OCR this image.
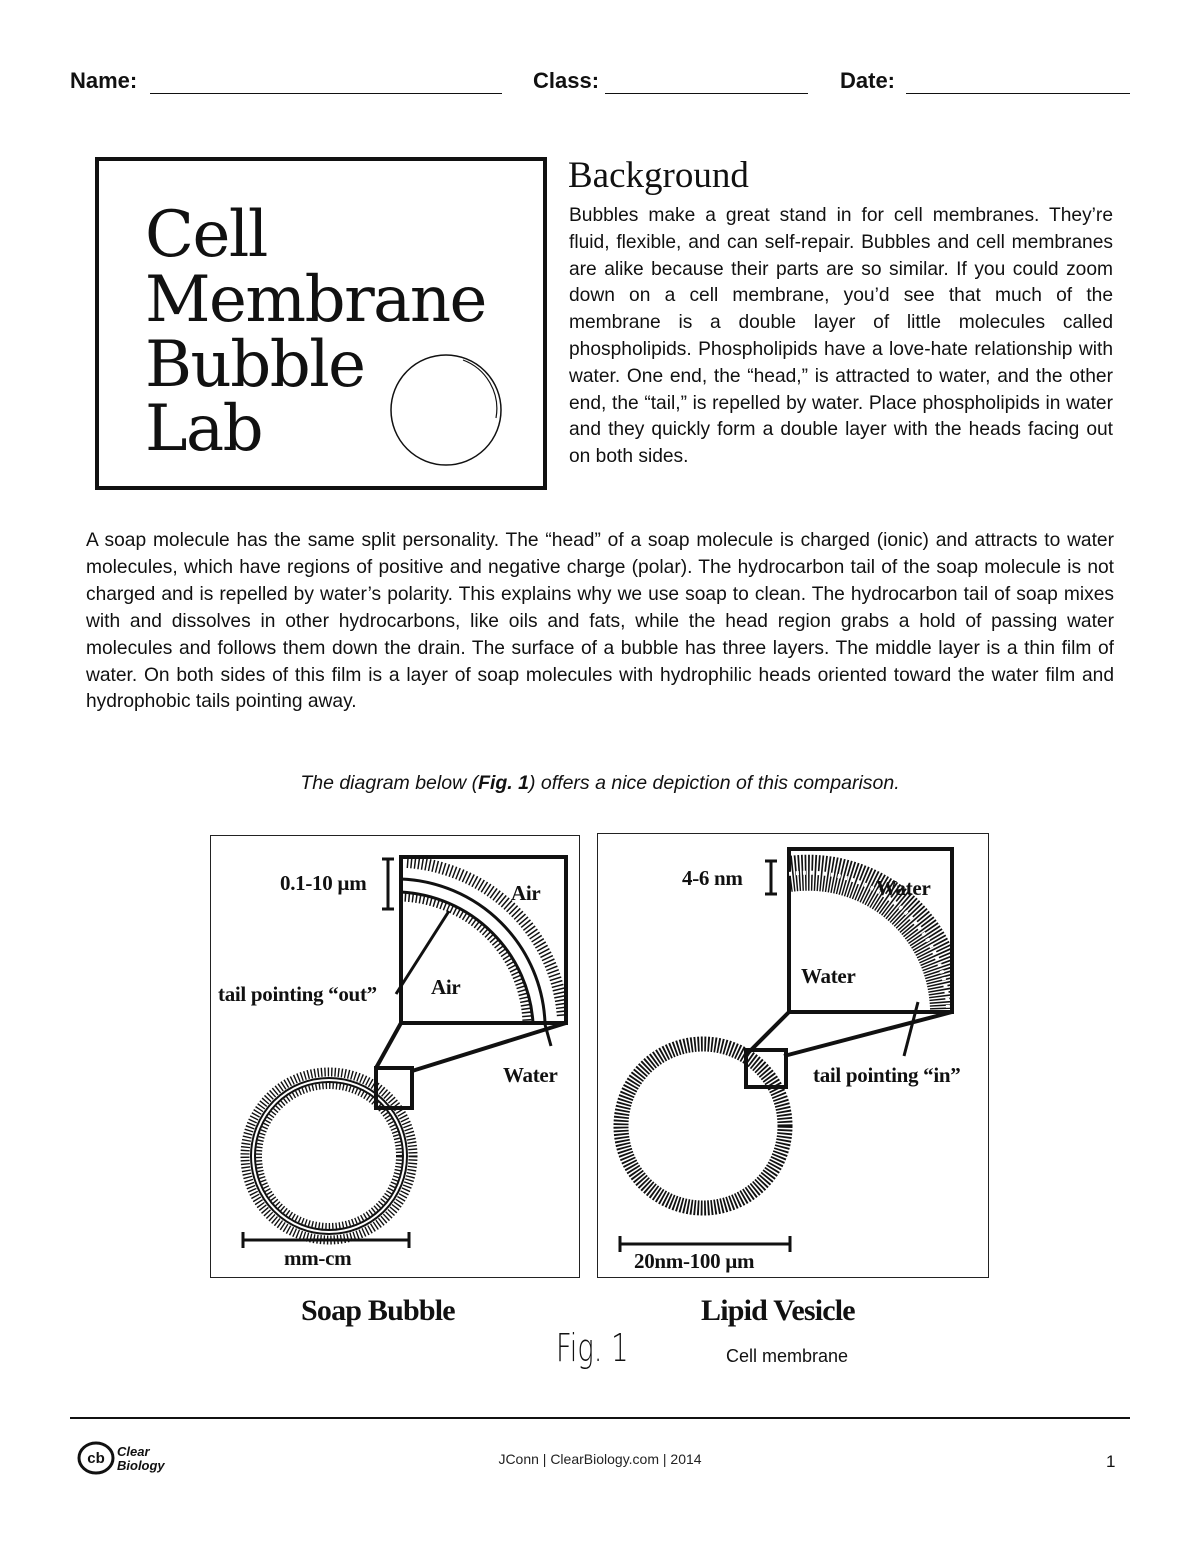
Name:	Class:	Date:
Cell
Membrane
Bubble
Lab
Background

Bubbles make a great stand in for cell membranes. They’re fluid, flexible, and can self-repair. Bubbles and cell membranes are alike because their parts are so similar. If you could zoom down on a cell membrane, you’d see that much of the membrane is a double layer of little molecules called phospholipids. Phospholipids have a love-hate relationship with water. One end, the “head,” is attracted to water, and the other end, the “tail,” is repelled by water. Place phospholipids in water and they quickly form a double layer with the heads facing out on both sides.

A soap molecule has the same split personality. The “head” of a soap molecule is charged (ionic) and attracts to water molecules, which have regions of positive and negative charge (polar). The hydrocarbon tail of the soap molecule is not charged and is repelled by water’s polarity. This explains why we use soap to clean. The hydrocarbon tail of soap mixes with and dissolves in other hydrocarbons, like oils and fats, while the head region grabs a hold of passing water molecules and follows them down the drain. The surface of a bubble has three layers. The middle layer is a thin film of water. On both sides of this film is a layer of soap molecules with hydrophilic heads oriented toward the water film and hydrophobic tails pointing away.

The diagram below (Fig. 1) offers a nice depiction of this comparison.
0.1-10 µm	Air
Air
tail pointing “out”
Water
mm-cm
4-6 nm	Water
Water
tail pointing “in”
20nm-100 µm
Soap Bubble	Lipid Vesicle
Fig. 1	Cell membrane
cb Clear
Biology	JConn | ClearBiology.com | 2014	1
